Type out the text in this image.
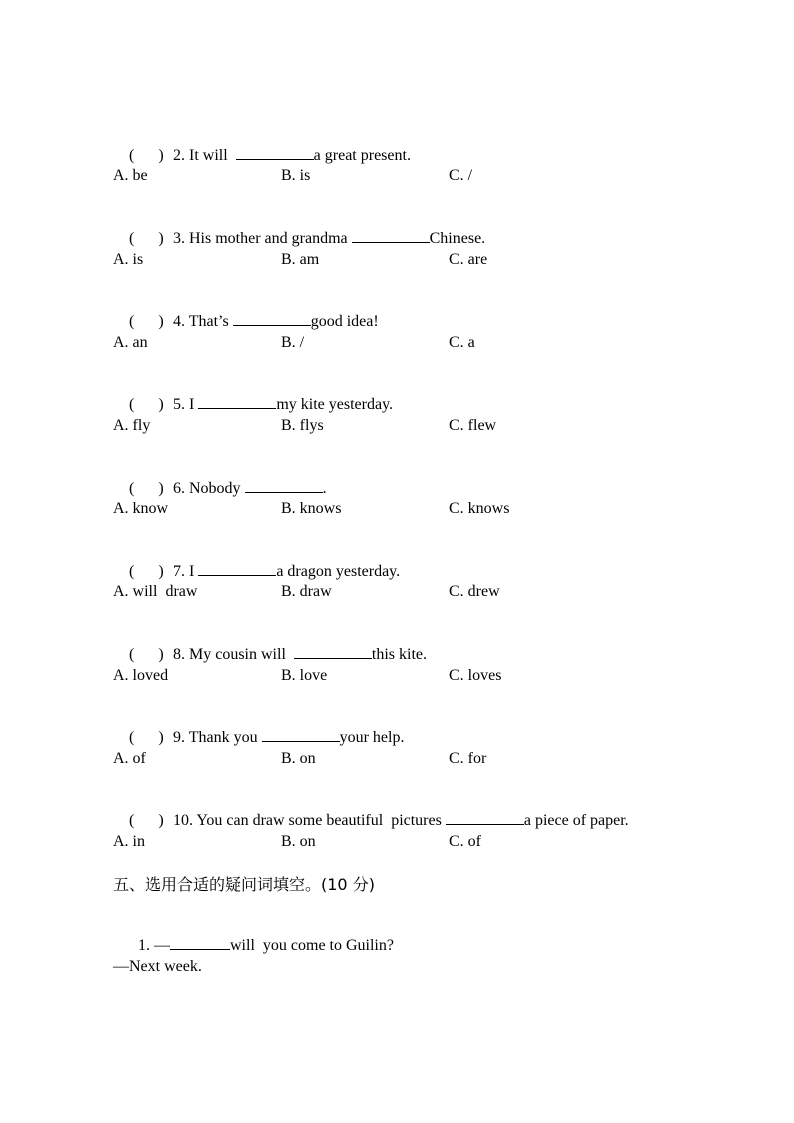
(      ) 2. It will	a great present.

A. be	B. is	C. /

(      ) 3. His mother and grandma	Chinese.

A. is	B. am	C. are

(      ) 4. That’s	good idea!

A. an	B. /	C. a

(      ) 5. I	my kite yesterday.

A. fly	B. flys	C. flew

(      ) 6. Nobody	.

A. know	B. knows	C. knows

(      ) 7. I	a dragon yesterday.

A. will  draw	B. draw	C. drew

(      ) 8. My cousin will	this kite.

A. loved	B. love	C. loves

(      ) 9. Thank you	your help.

A. of	B. on	C. for

(      ) 10. You can draw some beautiful  pictures	a piece of paper.

A. in	B. on	C. of
五、选用合适的疑问词填空。(10 分)

1. —	will  you come to Guilin?

—Next week.
